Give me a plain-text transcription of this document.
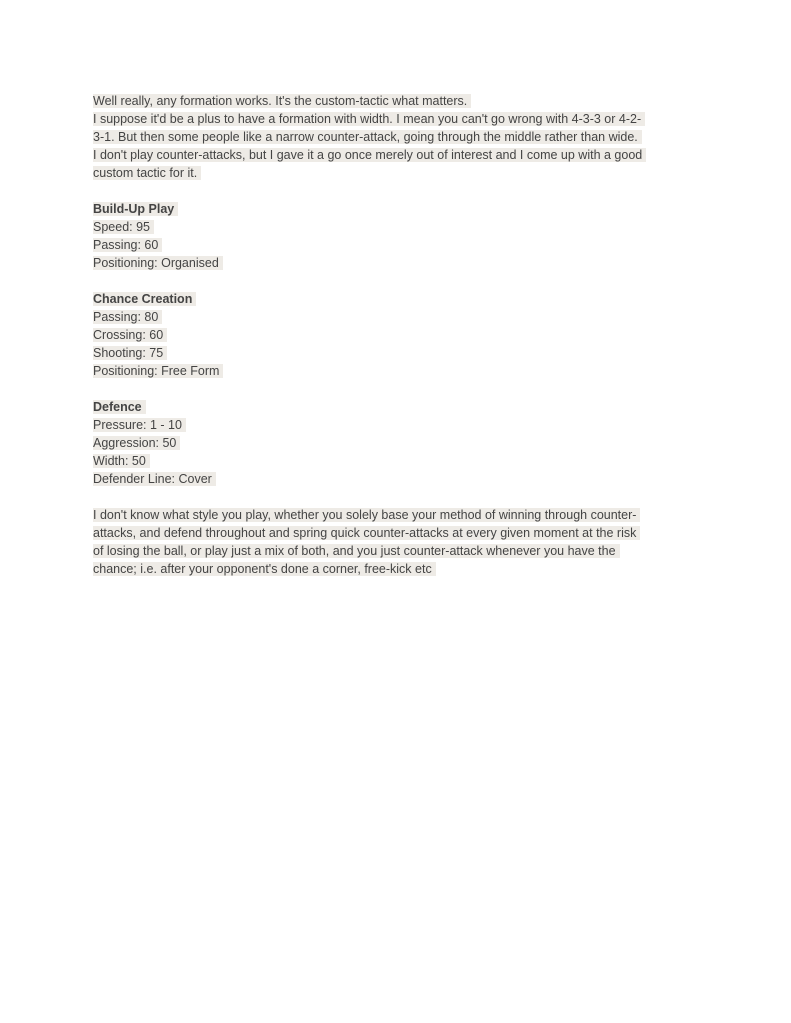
Well really, any formation works. It's the custom-tactic what matters.
I suppose it'd be a plus to have a formation with width. I mean you can't go wrong with 4-3-3 or 4-2-
3-1. But then some people like a narrow counter-attack, going through the middle rather than wide.
I don't play counter-attacks, but I gave it a go once merely out of interest and I come up with a good
custom tactic for it.
Build-Up Play
Speed: 95
Passing: 60
Positioning: Organised
Chance Creation
Passing: 80
Crossing: 60
Shooting: 75
Positioning: Free Form
Defence
Pressure: 1 - 10
Aggression: 50
Width: 50
Defender Line: Cover
I don't know what style you play, whether you solely base your method of winning through counter-
attacks, and defend throughout and spring quick counter-attacks at every given moment at the risk
of losing the ball, or play just a mix of both, and you just counter-attack whenever you have the
chance; i.e. after your opponent's done a corner, free-kick etc
